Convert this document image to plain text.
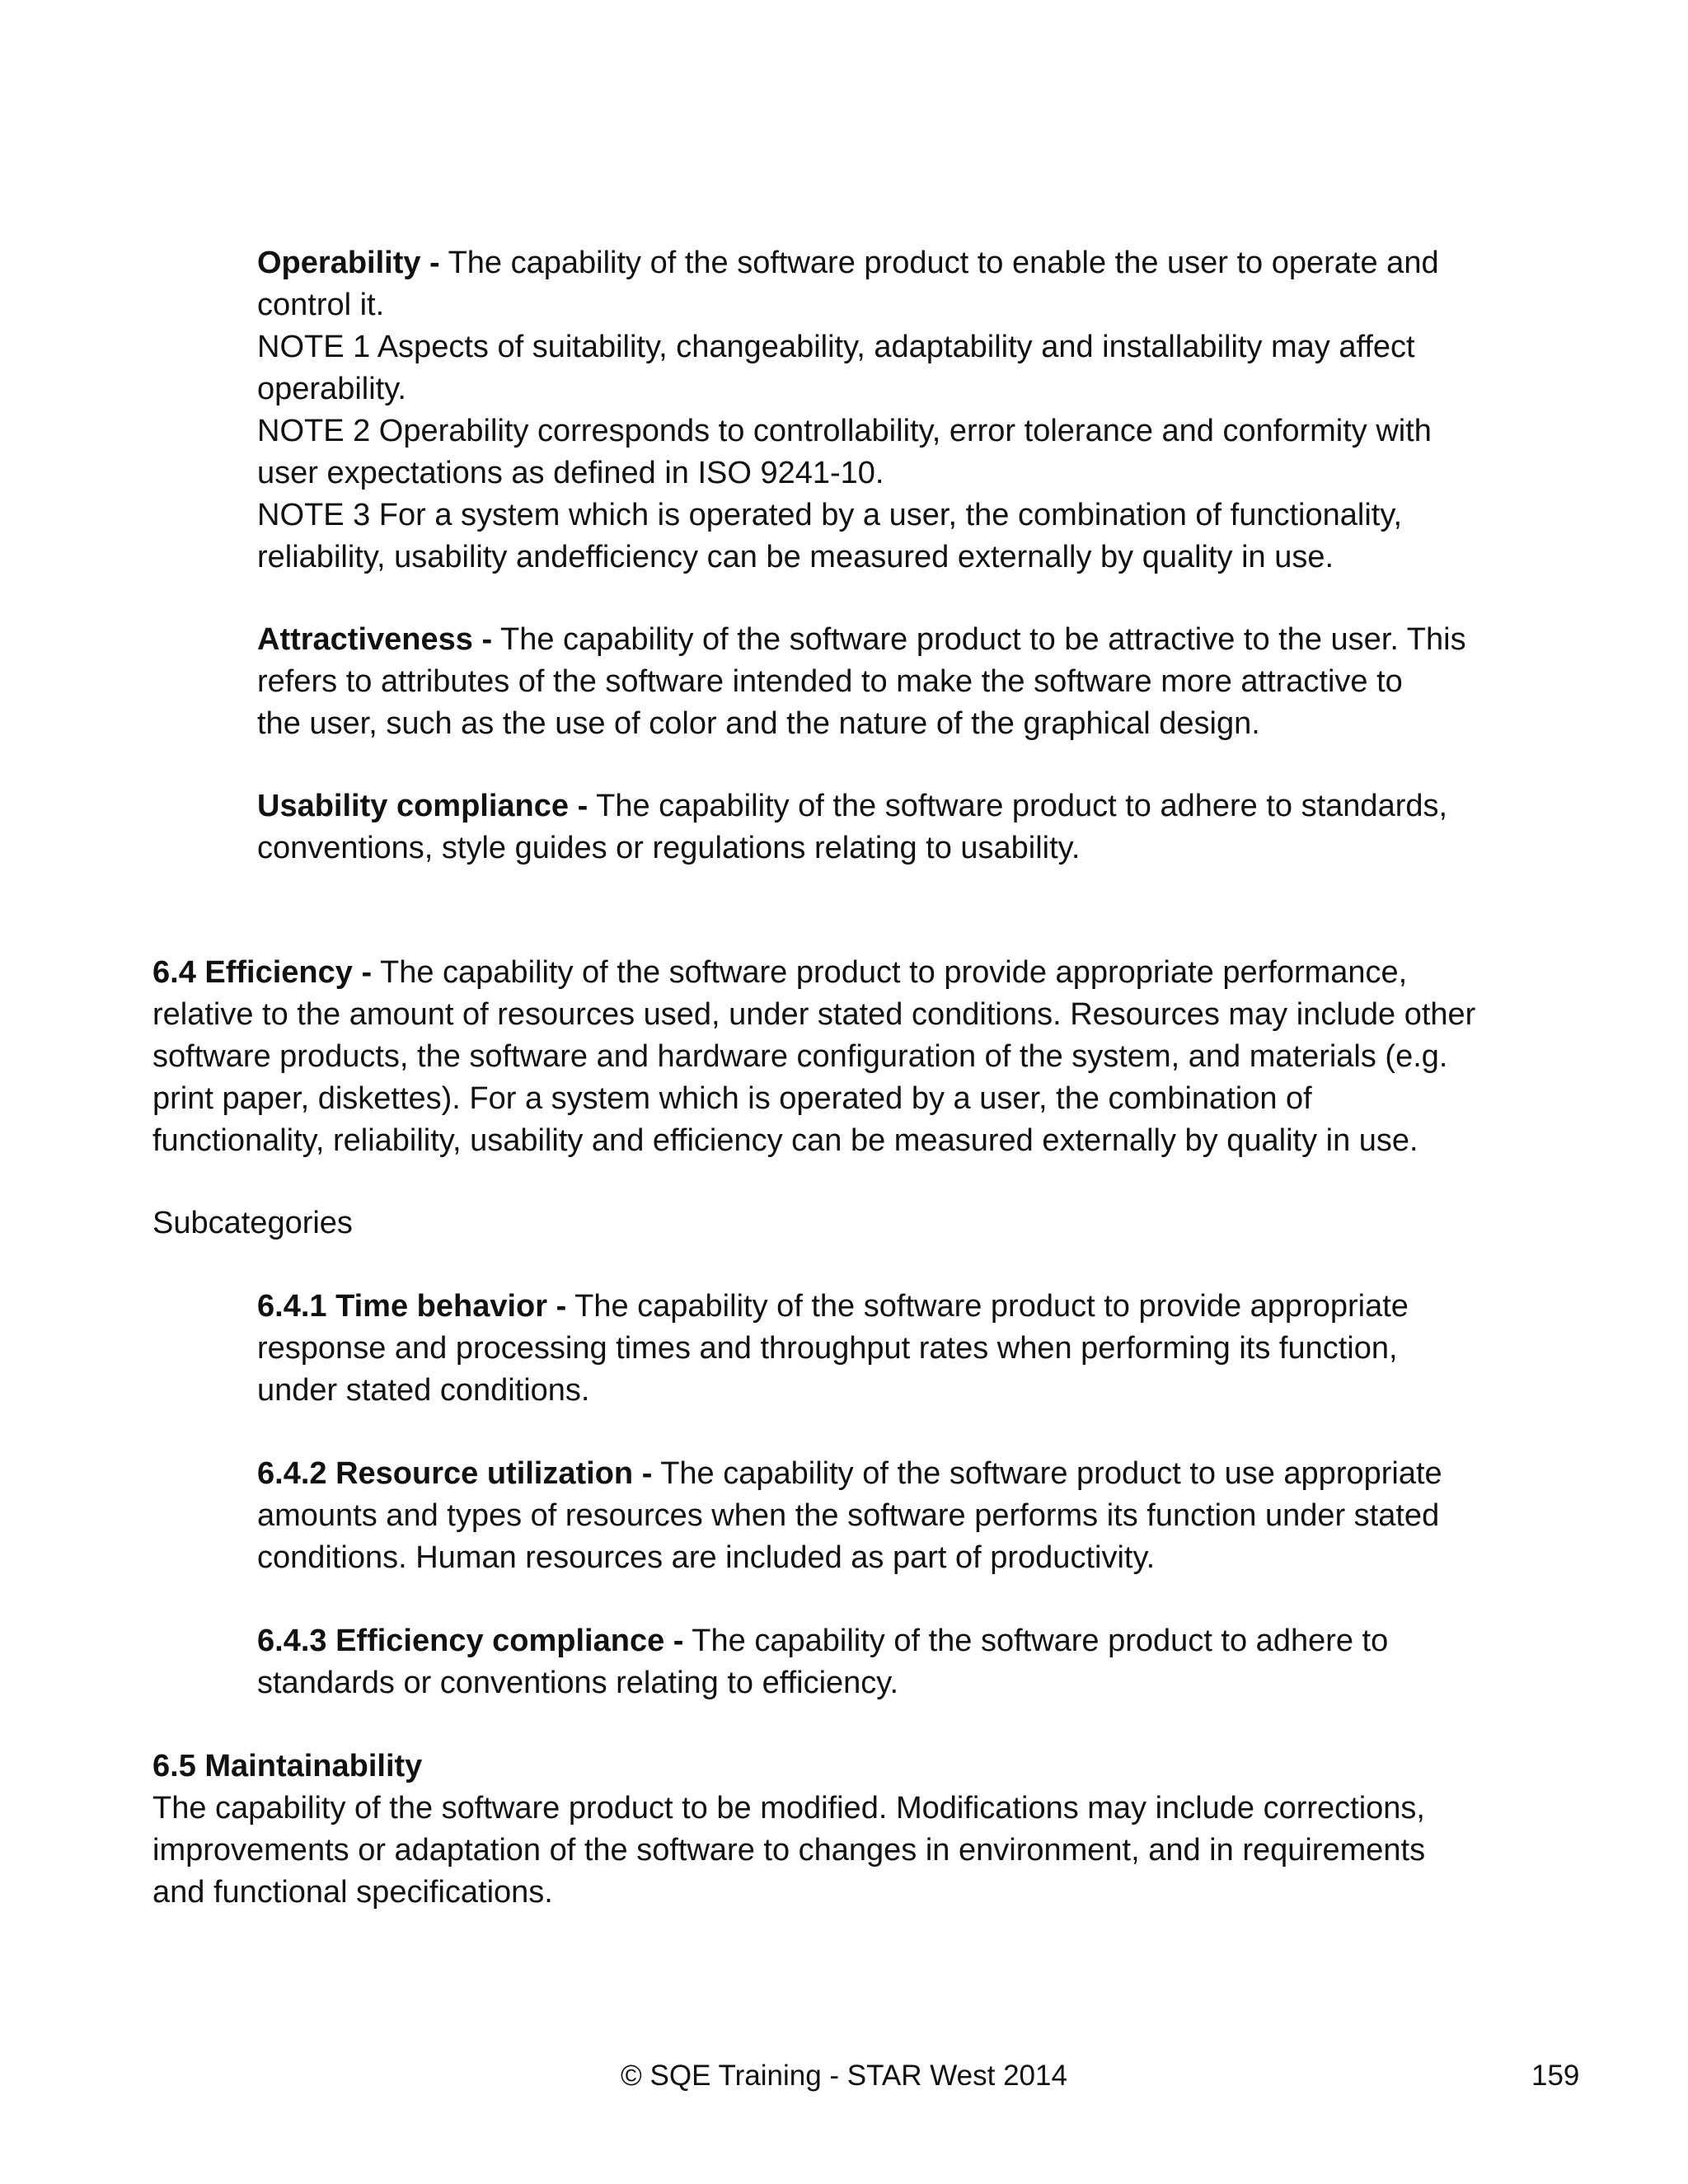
Operability - The capability of the software product to enable the user to operate and
control it.
NOTE 1 Aspects of suitability, changeability, adaptability and installability may affect
operability.
NOTE 2 Operability corresponds to controllability, error tolerance and conformity with
user expectations as defined in ISO 9241-10.
NOTE 3 For a system which is operated by a user, the combination of functionality,
reliability, usability andefficiency can be measured externally by quality in use.

Attractiveness - The capability of the software product to be attractive to the user. This
refers to attributes of the software intended to make the software more attractive to
the user, such as the use of color and the nature of the graphical design.

Usability compliance - The capability of the software product to adhere to standards,
conventions, style guides or regulations relating to usability.

6.4 Efficiency - The capability of the software product to provide appropriate performance,
relative to the amount of resources used, under stated conditions. Resources may include other
software products, the software and hardware configuration of the system, and materials (e.g.
print paper, diskettes). For a system which is operated by a user, the combination of
functionality, reliability, usability and efficiency can be measured externally by quality in use.

Subcategories

6.4.1 Time behavior - The capability of the software product to provide appropriate
response and processing times and throughput rates when performing its function,
under stated conditions.

6.4.2 Resource utilization - The capability of the software product to use appropriate
amounts and types of resources when the software performs its function under stated
conditions. Human resources are included as part of productivity.

6.4.3 Efficiency compliance - The capability of the software product to adhere to
standards or conventions relating to efficiency.

6.5 Maintainability
The capability of the software product to be modified. Modifications may include corrections,
improvements or adaptation of the software to changes in environment, and in requirements
and functional specifications.

© SQE Training - STAR West 2014	159
